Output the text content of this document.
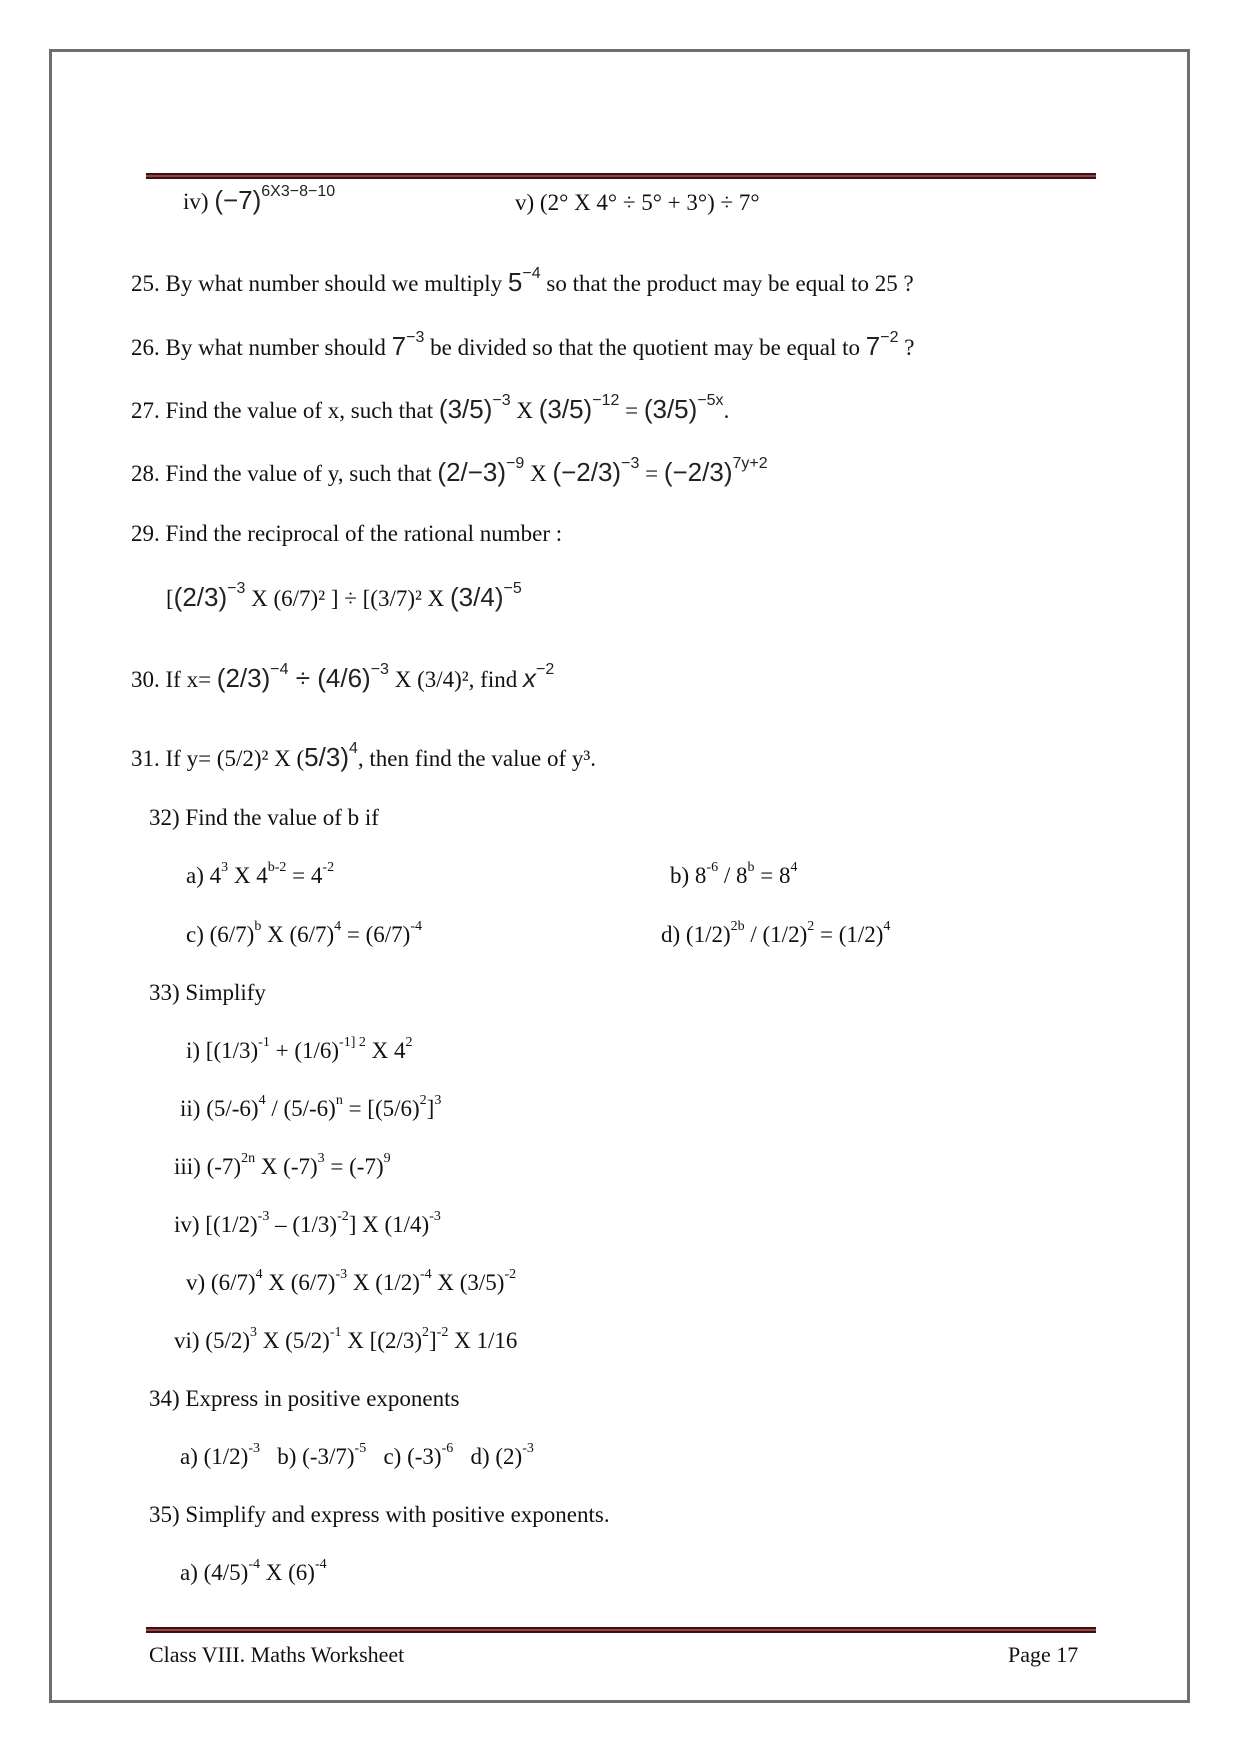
iv) $(-7)^{6X3-8-10}$	v) (2° X 4° ÷ 5° + 3°) ÷ 7°
25. By what number should we multiply $5^{-4}$ so that the product may be equal to 25 ?
26. By what number should $7^{-3}$ be divided so that the quotient may be equal to $7^{-2}$ ?
27. Find the value of x, such that $(3/5)^{-3}$ X $(3/5)^{-12} = (3/5)^{-5x}$.
28. Find the value of y, such that $(2/-3)^{-9}$ X $(-2/3)^{-3} = (-2/3)^{7y+2}$
29. Find the reciprocal of the rational number :
[$(2/3)^{-3}$ X (6/7)² ] ÷ [(3/7)² X $(3/4)^{-5}$
30. If $x= (2/3)^{-4} \div (4/6)^{-3}$ X (3/4)², find $x^{-2}$
31. If y= (5/2)² X $(5/3)^4$, then find the value of y³.
32) Find the value of b if
a) $4^3$ X $4^{b-2} = 4^{-2}$	b) $8^{-6} / 8^b = 8^4$
c) $(6/7)^b$ X $(6/7)^4 = (6/7)^{-4}$	d) $(1/2)^{2b} / (1/2)^2 = (1/2)^4$
33) Simplify
i) [$(1/3)^{-1} + (1/6)^{-1] 2}$ X $4^2$
ii) $(5/-6)^4 / (5/-6)^n = [(5/6)^2]^3$
iii) $(-7)^{2n}$ X $(-7)^3 = (-7)^9$
iv) $[(1/2)^{-3} - (1/3)^{-2}]$ X $(1/4)^{-3}$
v) $(6/7)^4$ X $(6/7)^{-3}$ X $(1/2)^{-4}$ X $(3/5)^{-2}$
vi) $(5/2)^3$ X $(5/2)^{-1}$ X $[(2/3)^2]^{-2}$ X 1/16
34) Express in positive exponents
a) $(1/2)^{-3}$   b) $(-3/7)^{-5}$   c) $(-3)^{-6}$   d) $(2)^{-3}$
35) Simplify and express with positive exponents.
a) $(4/5)^{-4}$ X $(6)^{-4}$
Class VIII. Maths Worksheet	Page 17
